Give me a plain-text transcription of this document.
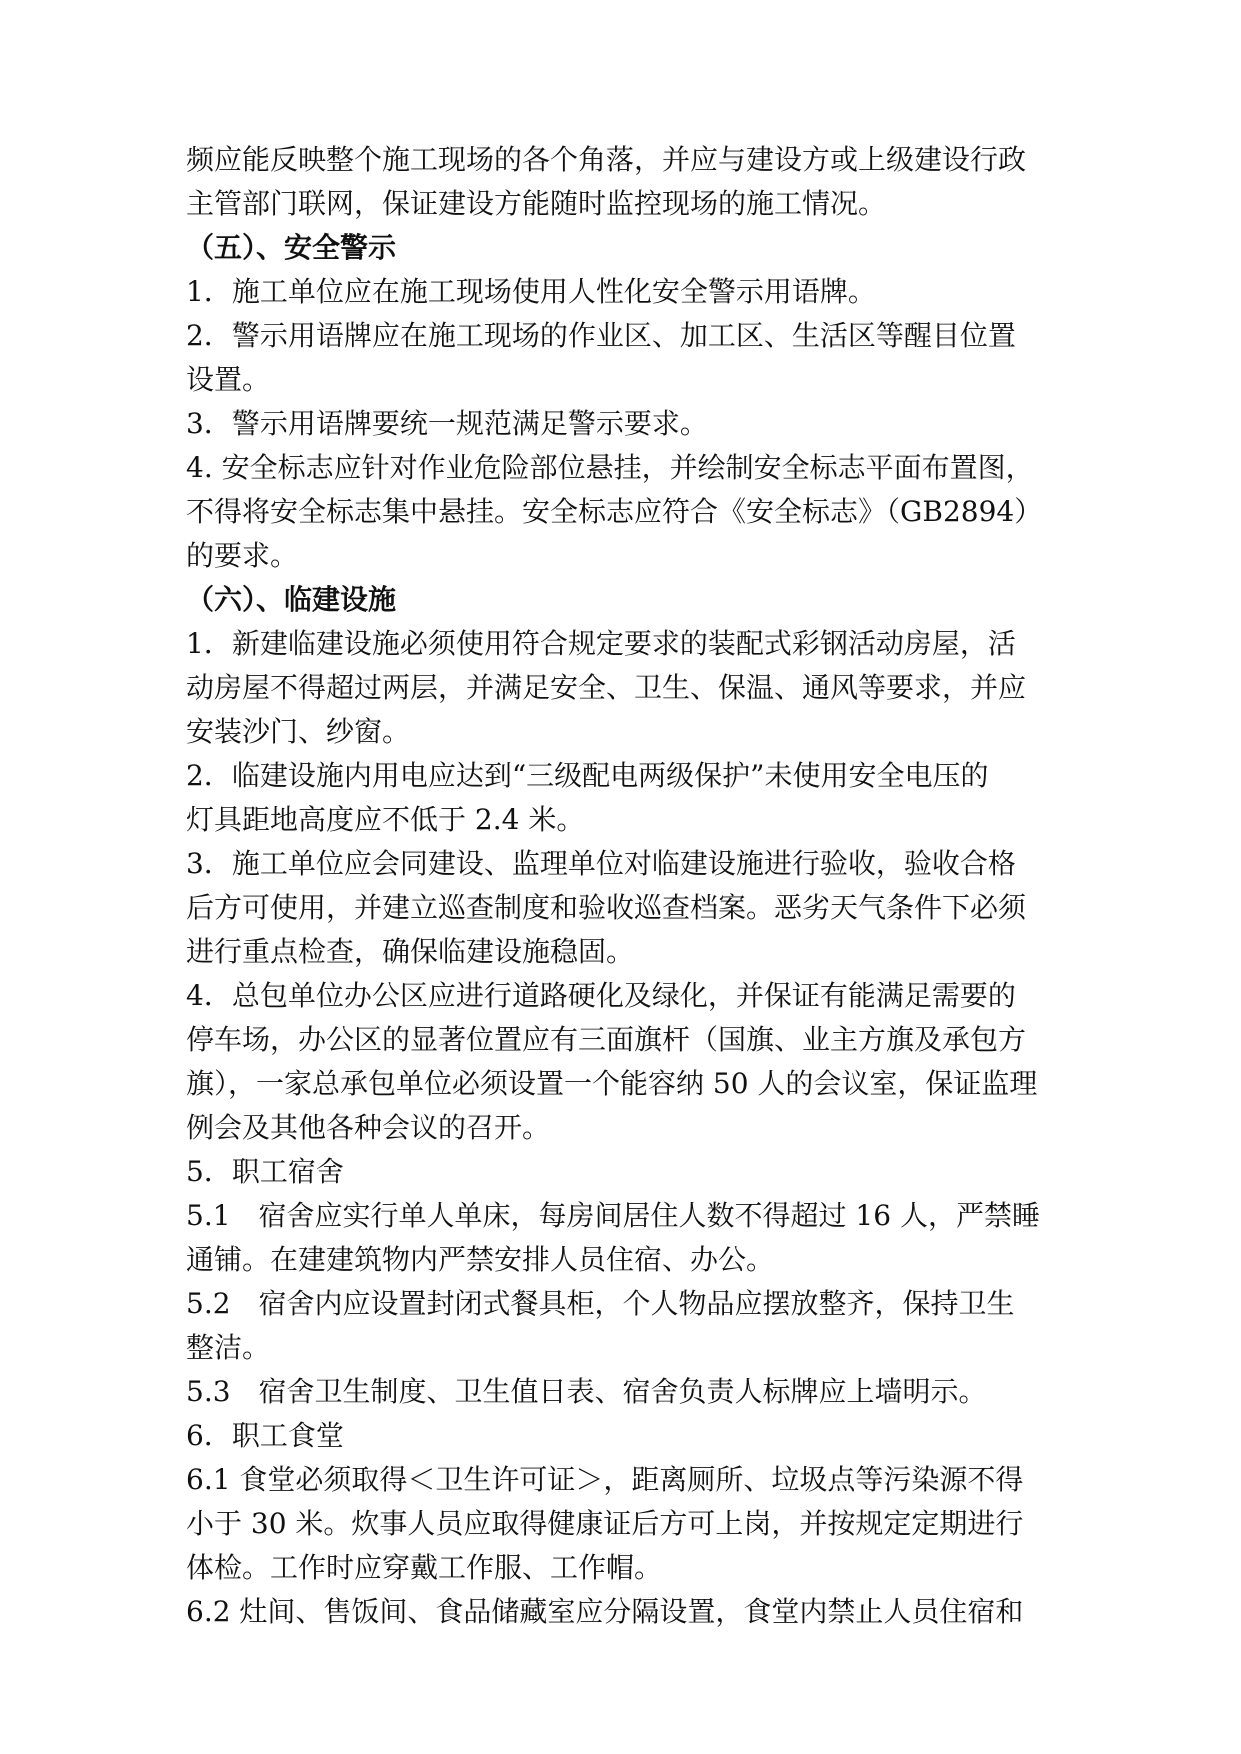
频应能反映整个施工现场的各个角落，并应与建设方或上级建设行政
主管部门联网，保证建设方能随时监控现场的施工情况。
（五）、安全警示
1．施工单位应在施工现场使用人性化安全警示用语牌。
2．警示用语牌应在施工现场的作业区、加工区、生活区等醒目位置
设置。
3．警示用语牌要统一规范满足警示要求。
4. 安全标志应针对作业危险部位悬挂，并绘制安全标志平面布置图，
不得将安全标志集中悬挂。安全标志应符合《安全标志》（GB2894）
的要求。
（六）、临建设施
1．新建临建设施必须使用符合规定要求的装配式彩钢活动房屋，活
动房屋不得超过两层，并满足安全、卫生、保温、通风等要求，并应
安装沙门、纱窗。
2．临建设施内用电应达到“三级配电两级保护”未使用安全电压的
灯具距地高度应不低于 2.4 米。
3．施工单位应会同建设、监理单位对临建设施进行验收，验收合格
后方可使用，并建立巡查制度和验收巡查档案。恶劣天气条件下必须
进行重点检查，确保临建设施稳固。
4．总包单位办公区应进行道路硬化及绿化，并保证有能满足需要的
停车场，办公区的显著位置应有三面旗杆（国旗、业主方旗及承包方
旗），一家总承包单位必须设置一个能容纳 50 人的会议室，保证监理
例会及其他各种会议的召开。
5．职工宿舍
5.1　宿舍应实行单人单床，每房间居住人数不得超过 16 人，严禁睡
通铺。在建建筑物内严禁安排人员住宿、办公。
5.2　宿舍内应设置封闭式餐具柜，个人物品应摆放整齐，保持卫生
整洁。
5.3　宿舍卫生制度、卫生值日表、宿舍负责人标牌应上墙明示。
6．职工食堂
6.1 食堂必须取得＜卫生许可证＞，距离厕所、垃圾点等污染源不得
小于 30 米。炊事人员应取得健康证后方可上岗，并按规定定期进行
体检。工作时应穿戴工作服、工作帽。
6.2 灶间、售饭间、食品储藏室应分隔设置，食堂内禁止人员住宿和
